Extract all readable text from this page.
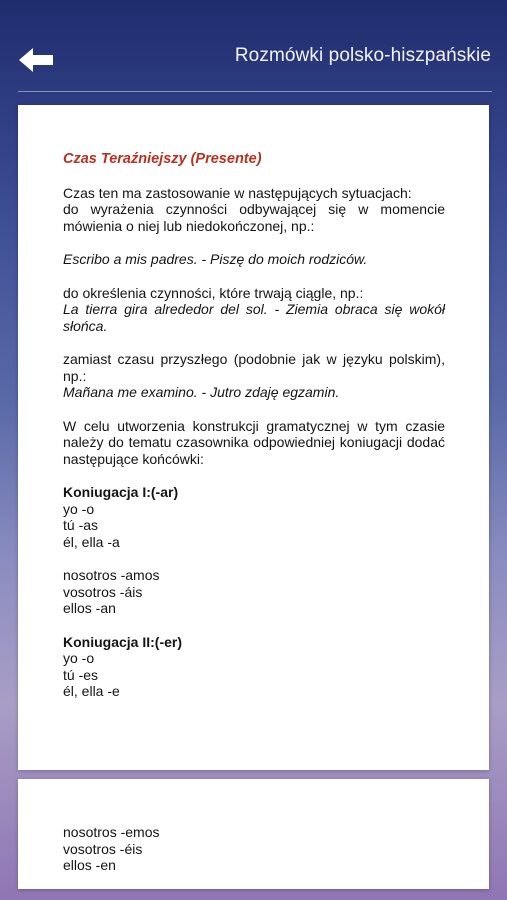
Rozmówki polsko-hiszpańskie

Czas Teraźniejszy (Presente)

Czas ten ma zastosowanie w następujących sytuacjach:

do wyrażenia czynności odbywającej się w momencie mówienia o niej lub niedokończonej, np.:

Escribo a mis padres. - Piszę do moich rodziców.

do określenia czynności, które trwają ciągle, np.:

La tierra gira alrededor del sol. - Ziemia obraca się wokół słońca.

zamiast czasu przyszłego (podobnie jak w języku polskim), np.:

Mañana me examino. - Jutro zdaję egzamin.

W celu utworzenia konstrukcji gramatycznej w tym czasie należy do tematu czasownika odpowiedniej koniugacji dodać następujące końcówki:

Koniugacja I:(-ar)

yo -o

tú -as

él, ella -a

nosotros -amos

vosotros -áis

ellos -an

Koniugacja II:(-er)

yo -o

tú -es

él, ella -e

nosotros -emos

vosotros -éis

ellos -en
